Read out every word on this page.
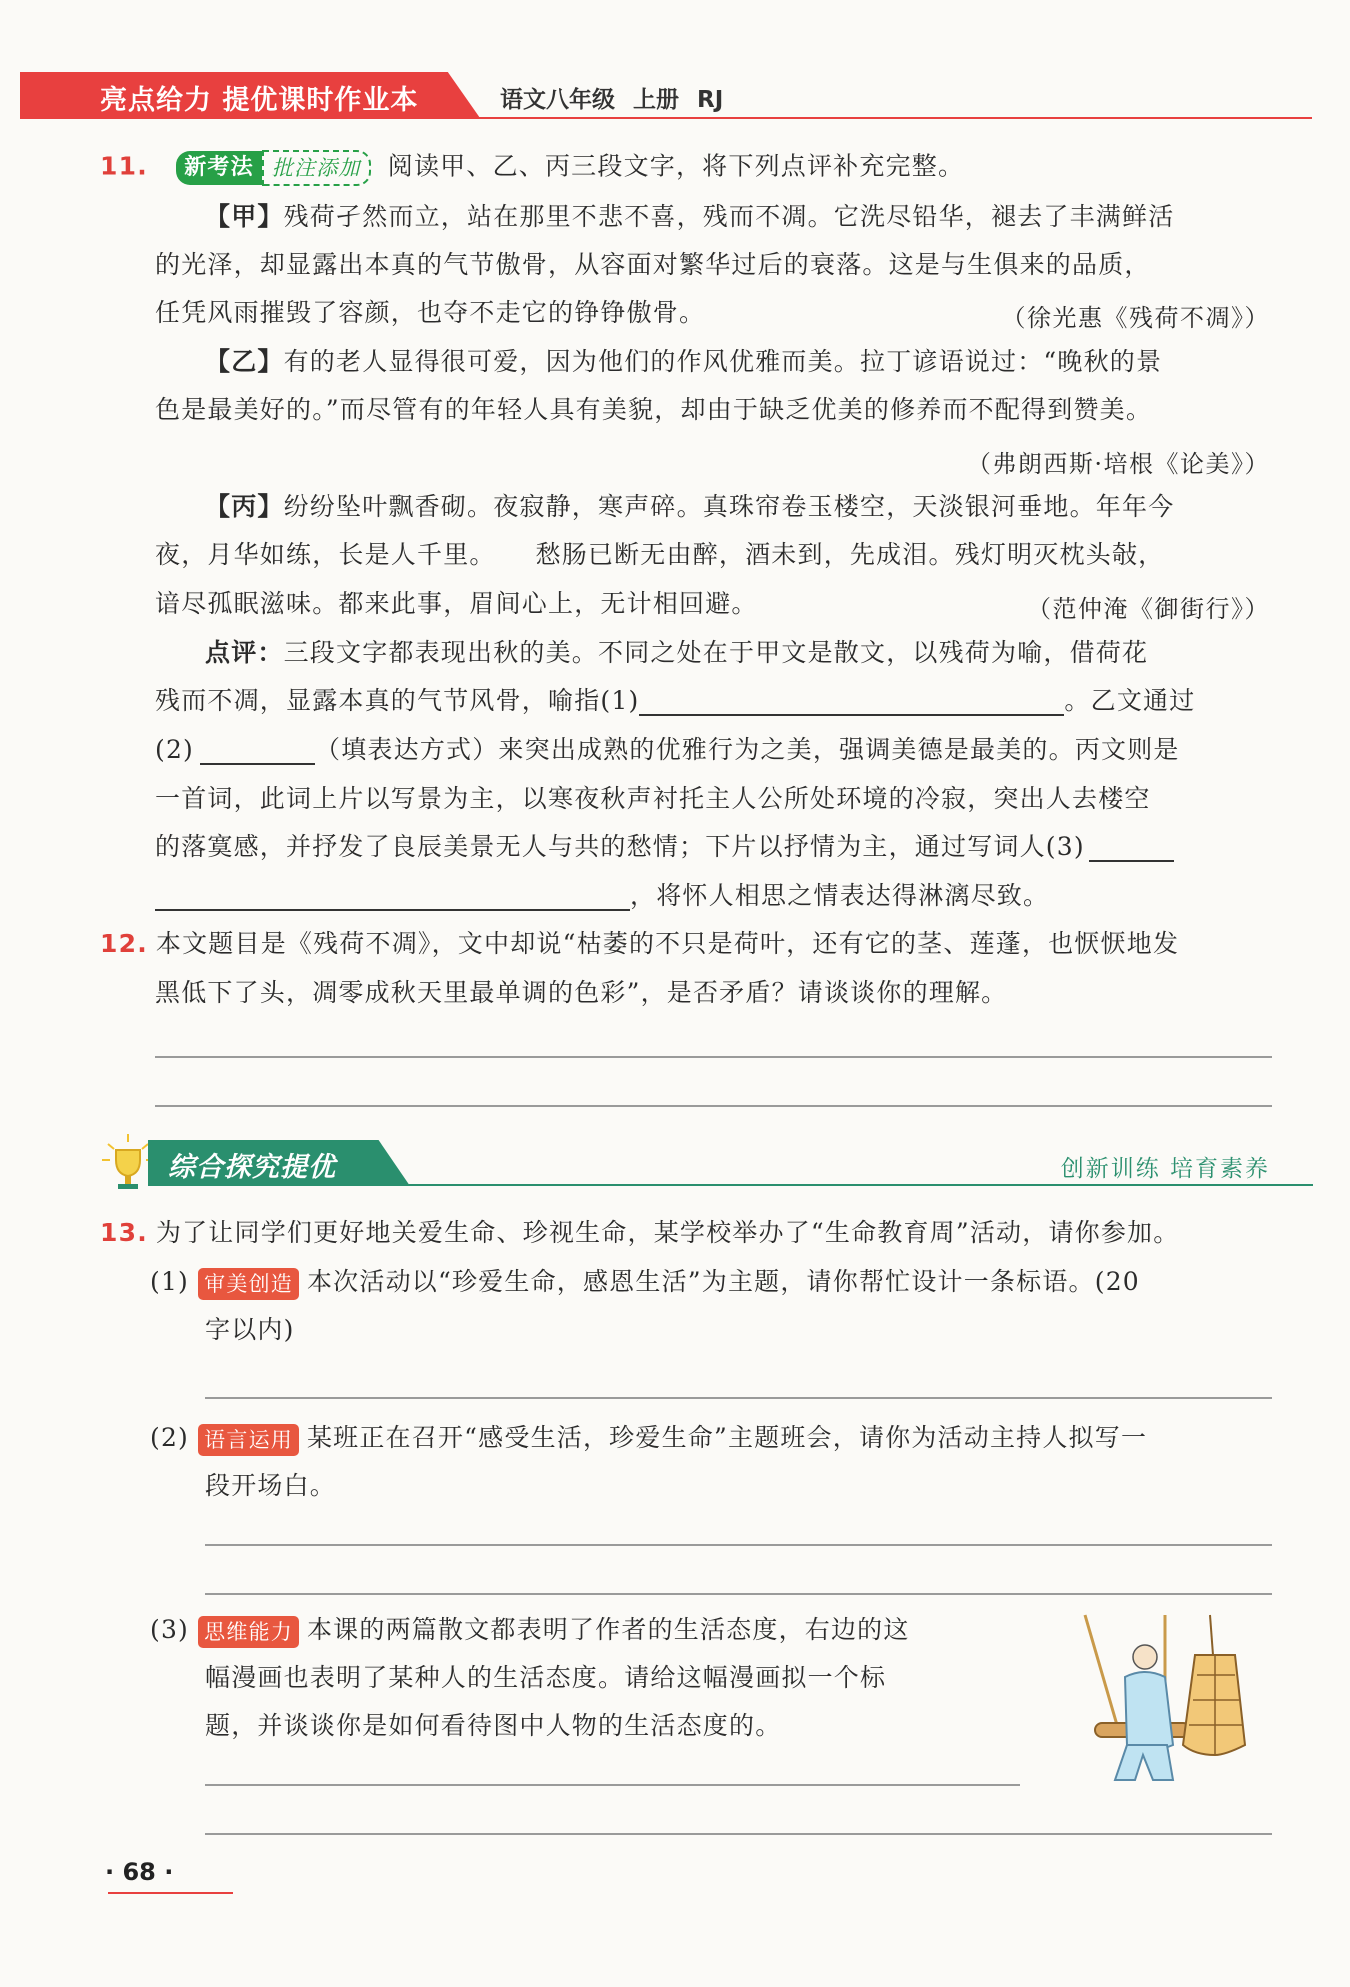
亮点给力 提优课时作业本	语文八年级 上册 RJ
11. 新考法 批注添加 阅读甲、乙、丙三段文字，将下列点评补充完整。
【甲】残荷孑然而立，站在那里不悲不喜，残而不凋。它洗尽铅华，褪去了丰满鲜活
的光泽，却显露出本真的气节傲骨，从容面对繁华过后的衰落。这是与生俱来的品质，
任凭风雨摧毁了容颜，也夺不走它的铮铮傲骨。	（徐光惠《残荷不凋》）
【乙】有的老人显得很可爱，因为他们的作风优雅而美。拉丁谚语说过：“晚秋的景
色是最美好的。”而尽管有的年轻人具有美貌，却由于缺乏优美的修养而不配得到赞美。
（弗朗西斯·培根《论美》）
【丙】纷纷坠叶飘香砌。夜寂静，寒声碎。真珠帘卷玉楼空，天淡银河垂地。年年今
夜，月华如练，长是人千里。　　愁肠已断无由醉，酒未到，先成泪。残灯明灭枕头敧，
谙尽孤眠滋味。都来此事，眉间心上，无计相回避。	（范仲淹《御街行》）
点评：三段文字都表现出秋的美。不同之处在于甲文是散文，以残荷为喻，借荷花
残而不凋，显露本真的气节风骨，喻指(1)	。乙文通过
(2)	（填表达方式）来突出成熟的优雅行为之美，强调美德是最美的。丙文则是
一首词，此词上片以写景为主，以寒夜秋声衬托主人公所处环境的冷寂，突出人去楼空
的落寞感，并抒发了良辰美景无人与共的愁情；下片以抒情为主，通过写词人(3)
，将怀人相思之情表达得淋漓尽致。
12. 本文题目是《残荷不凋》，文中却说“枯萎的不只是荷叶，还有它的茎、莲蓬，也恹恹地发
黑低下了头，凋零成秋天里最单调的色彩”，是否矛盾？请谈谈你的理解。
综合探究提优	创新训练 培育素养
13. 为了让同学们更好地关爱生命、珍视生命，某学校举办了“生命教育周”活动，请你参加。
(1) 审美创造 本次活动以“珍爱生命，感恩生活”为主题，请你帮忙设计一条标语。(20
字以内)
(2) 语言运用 某班正在召开“感受生活，珍爱生命”主题班会，请你为活动主持人拟写一
段开场白。
(3) 思维能力 本课的两篇散文都表明了作者的生活态度，右边的这
幅漫画也表明了某种人的生活态度。请给这幅漫画拟一个标
题，并谈谈你是如何看待图中人物的生活态度的。
· 68 ·
